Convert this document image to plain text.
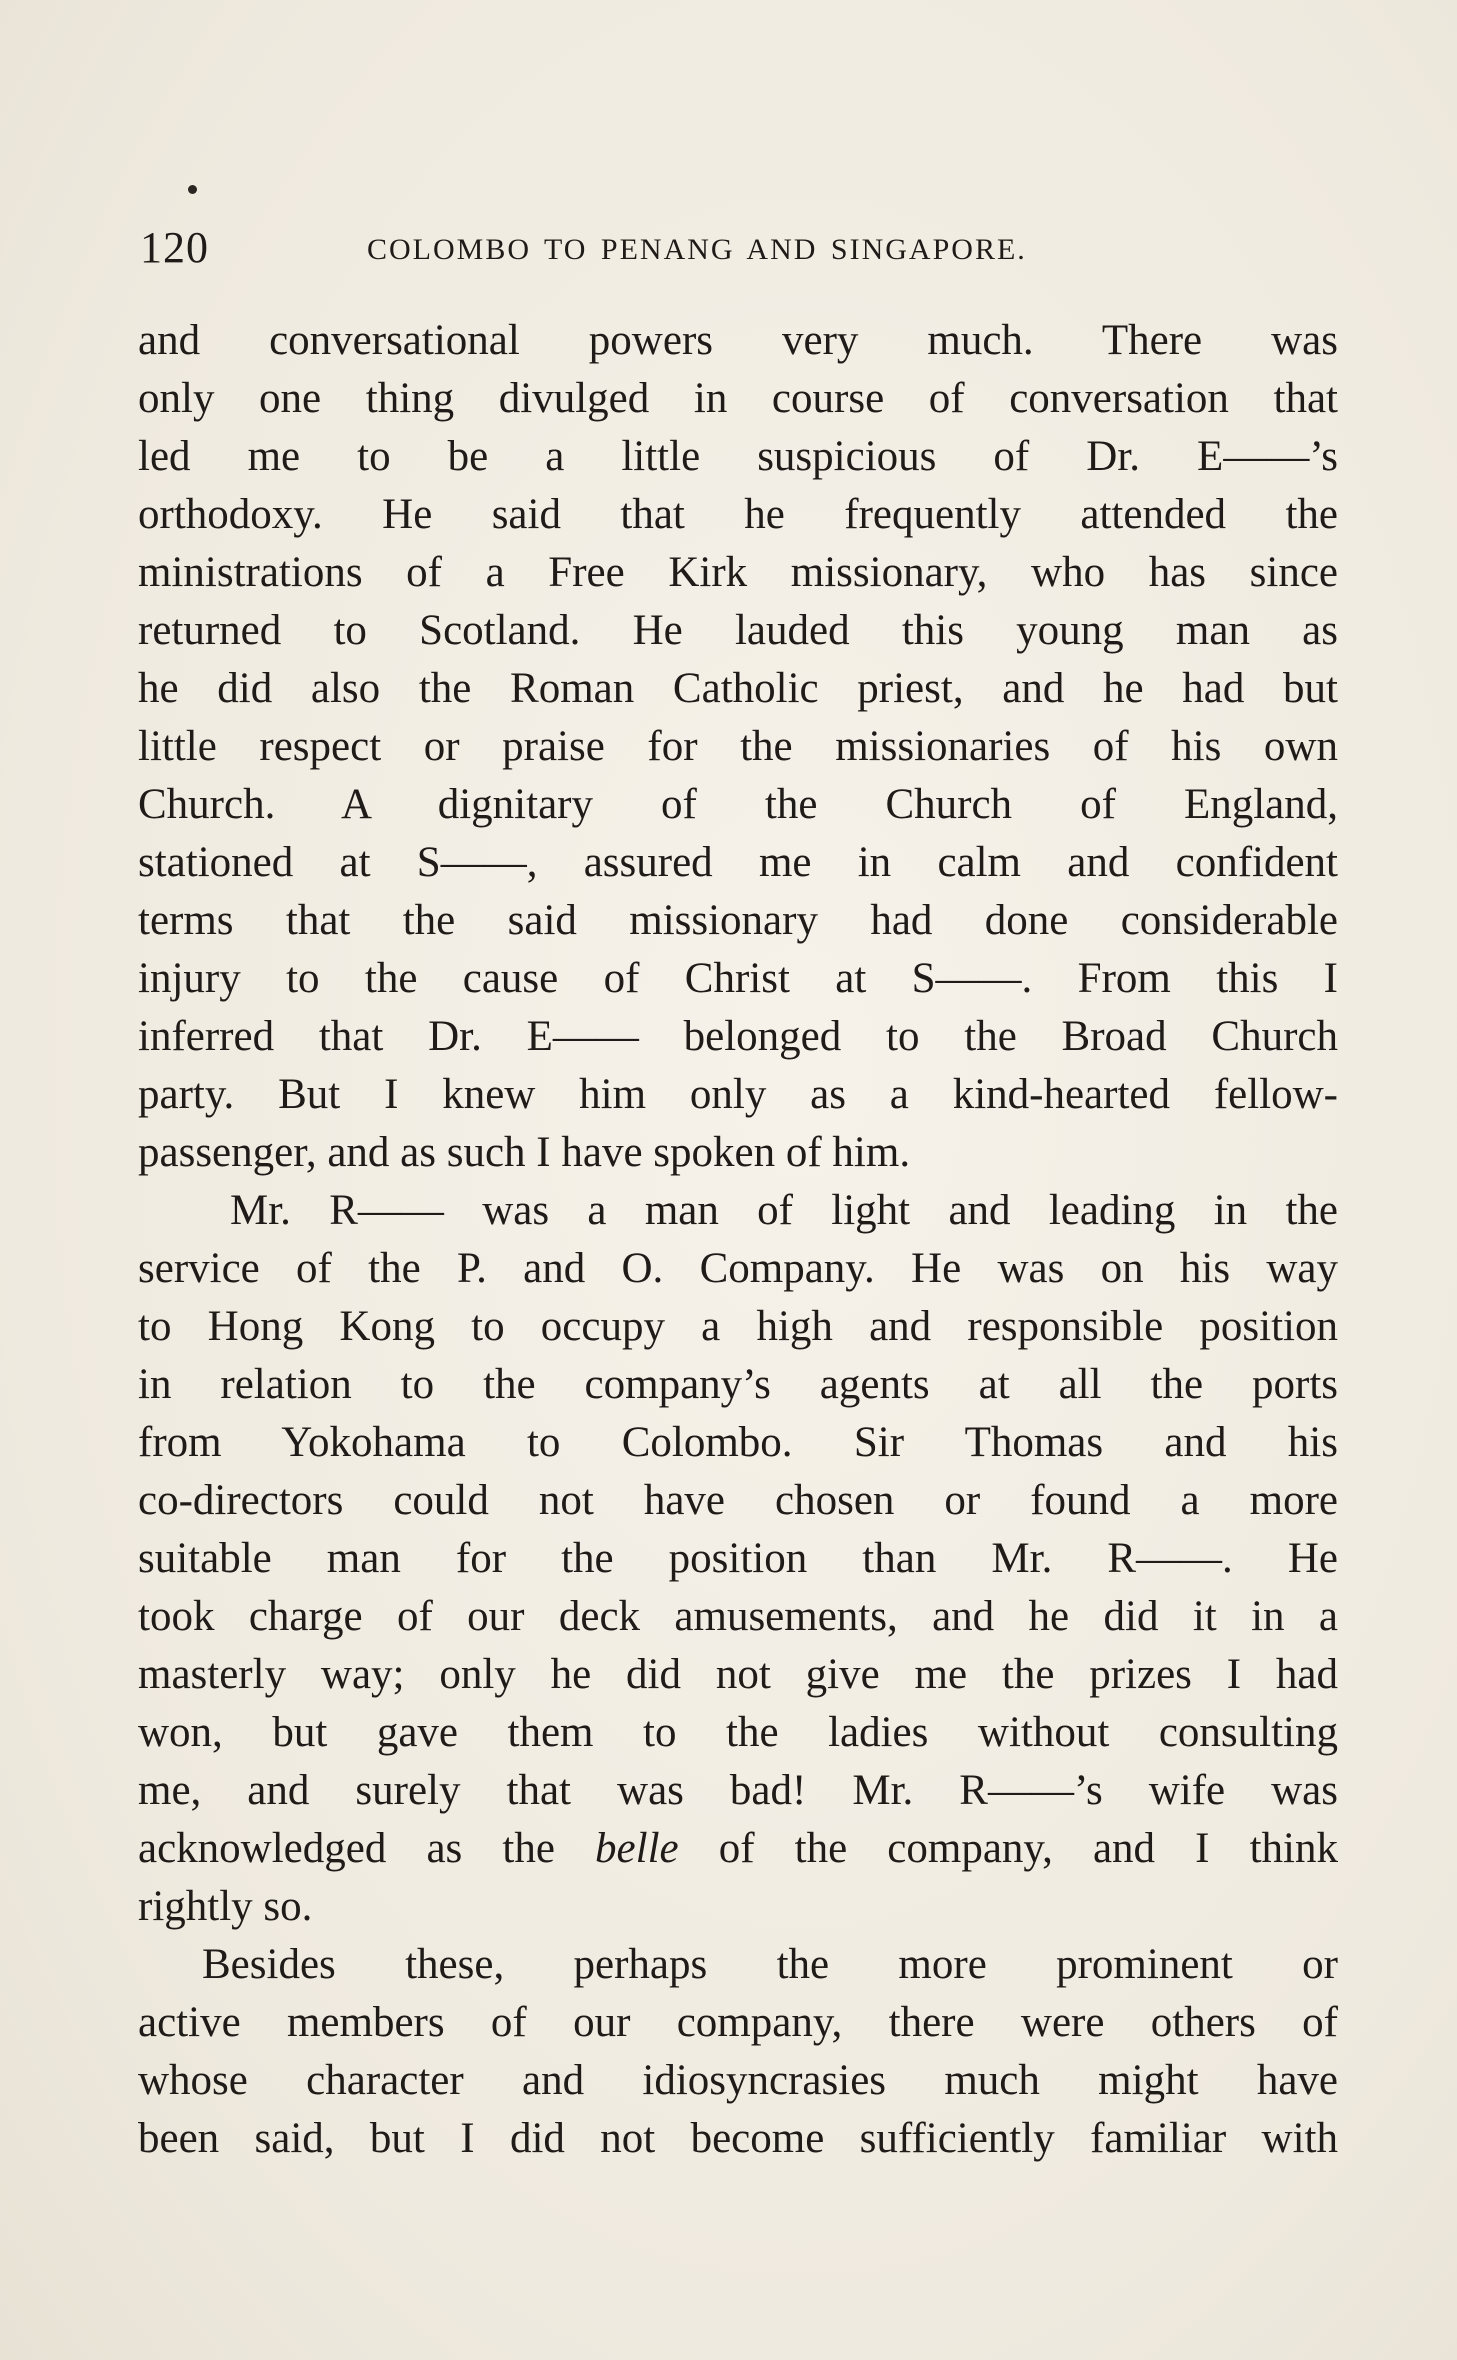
120	COLOMBO TO PENANG AND SINGAPORE.
and conversational powers very much. There was
only one thing divulged in course of conversation that
led me to be a little suspicious of Dr. E——’s
orthodoxy. He said that he frequently attended the
ministrations of a Free Kirk missionary, who has since
returned to Scotland. He lauded this young man as
he did also the Roman Catholic priest, and he had but
little respect or praise for the missionaries of his own
Church. A dignitary of the Church of England,
stationed at S——, assured me in calm and confident
terms that the said missionary had done considerable
injury to the cause of Christ at S——. From this I
inferred that Dr. E—— belonged to the Broad Church
party. But I knew him only as a kind-hearted fellow-
passenger, and as such I have spoken of him.
Mr. R—— was a man of light and leading in the
service of the P. and O. Company. He was on his way
to Hong Kong to occupy a high and responsible position
in relation to the company’s agents at all the ports
from Yokohama to Colombo. Sir Thomas and his
co-directors could not have chosen or found a more
suitable man for the position than Mr. R——. He
took charge of our deck amusements, and he did it in a
masterly way; only he did not give me the prizes I had
won, but gave them to the ladies without consulting
me, and surely that was bad! Mr. R——’s wife was
acknowledged as the belle of the company, and I think
rightly so.
Besides these, perhaps the more prominent or
active members of our company, there were others of
whose character and idiosyncrasies much might have
been said, but I did not become sufficiently familiar with
